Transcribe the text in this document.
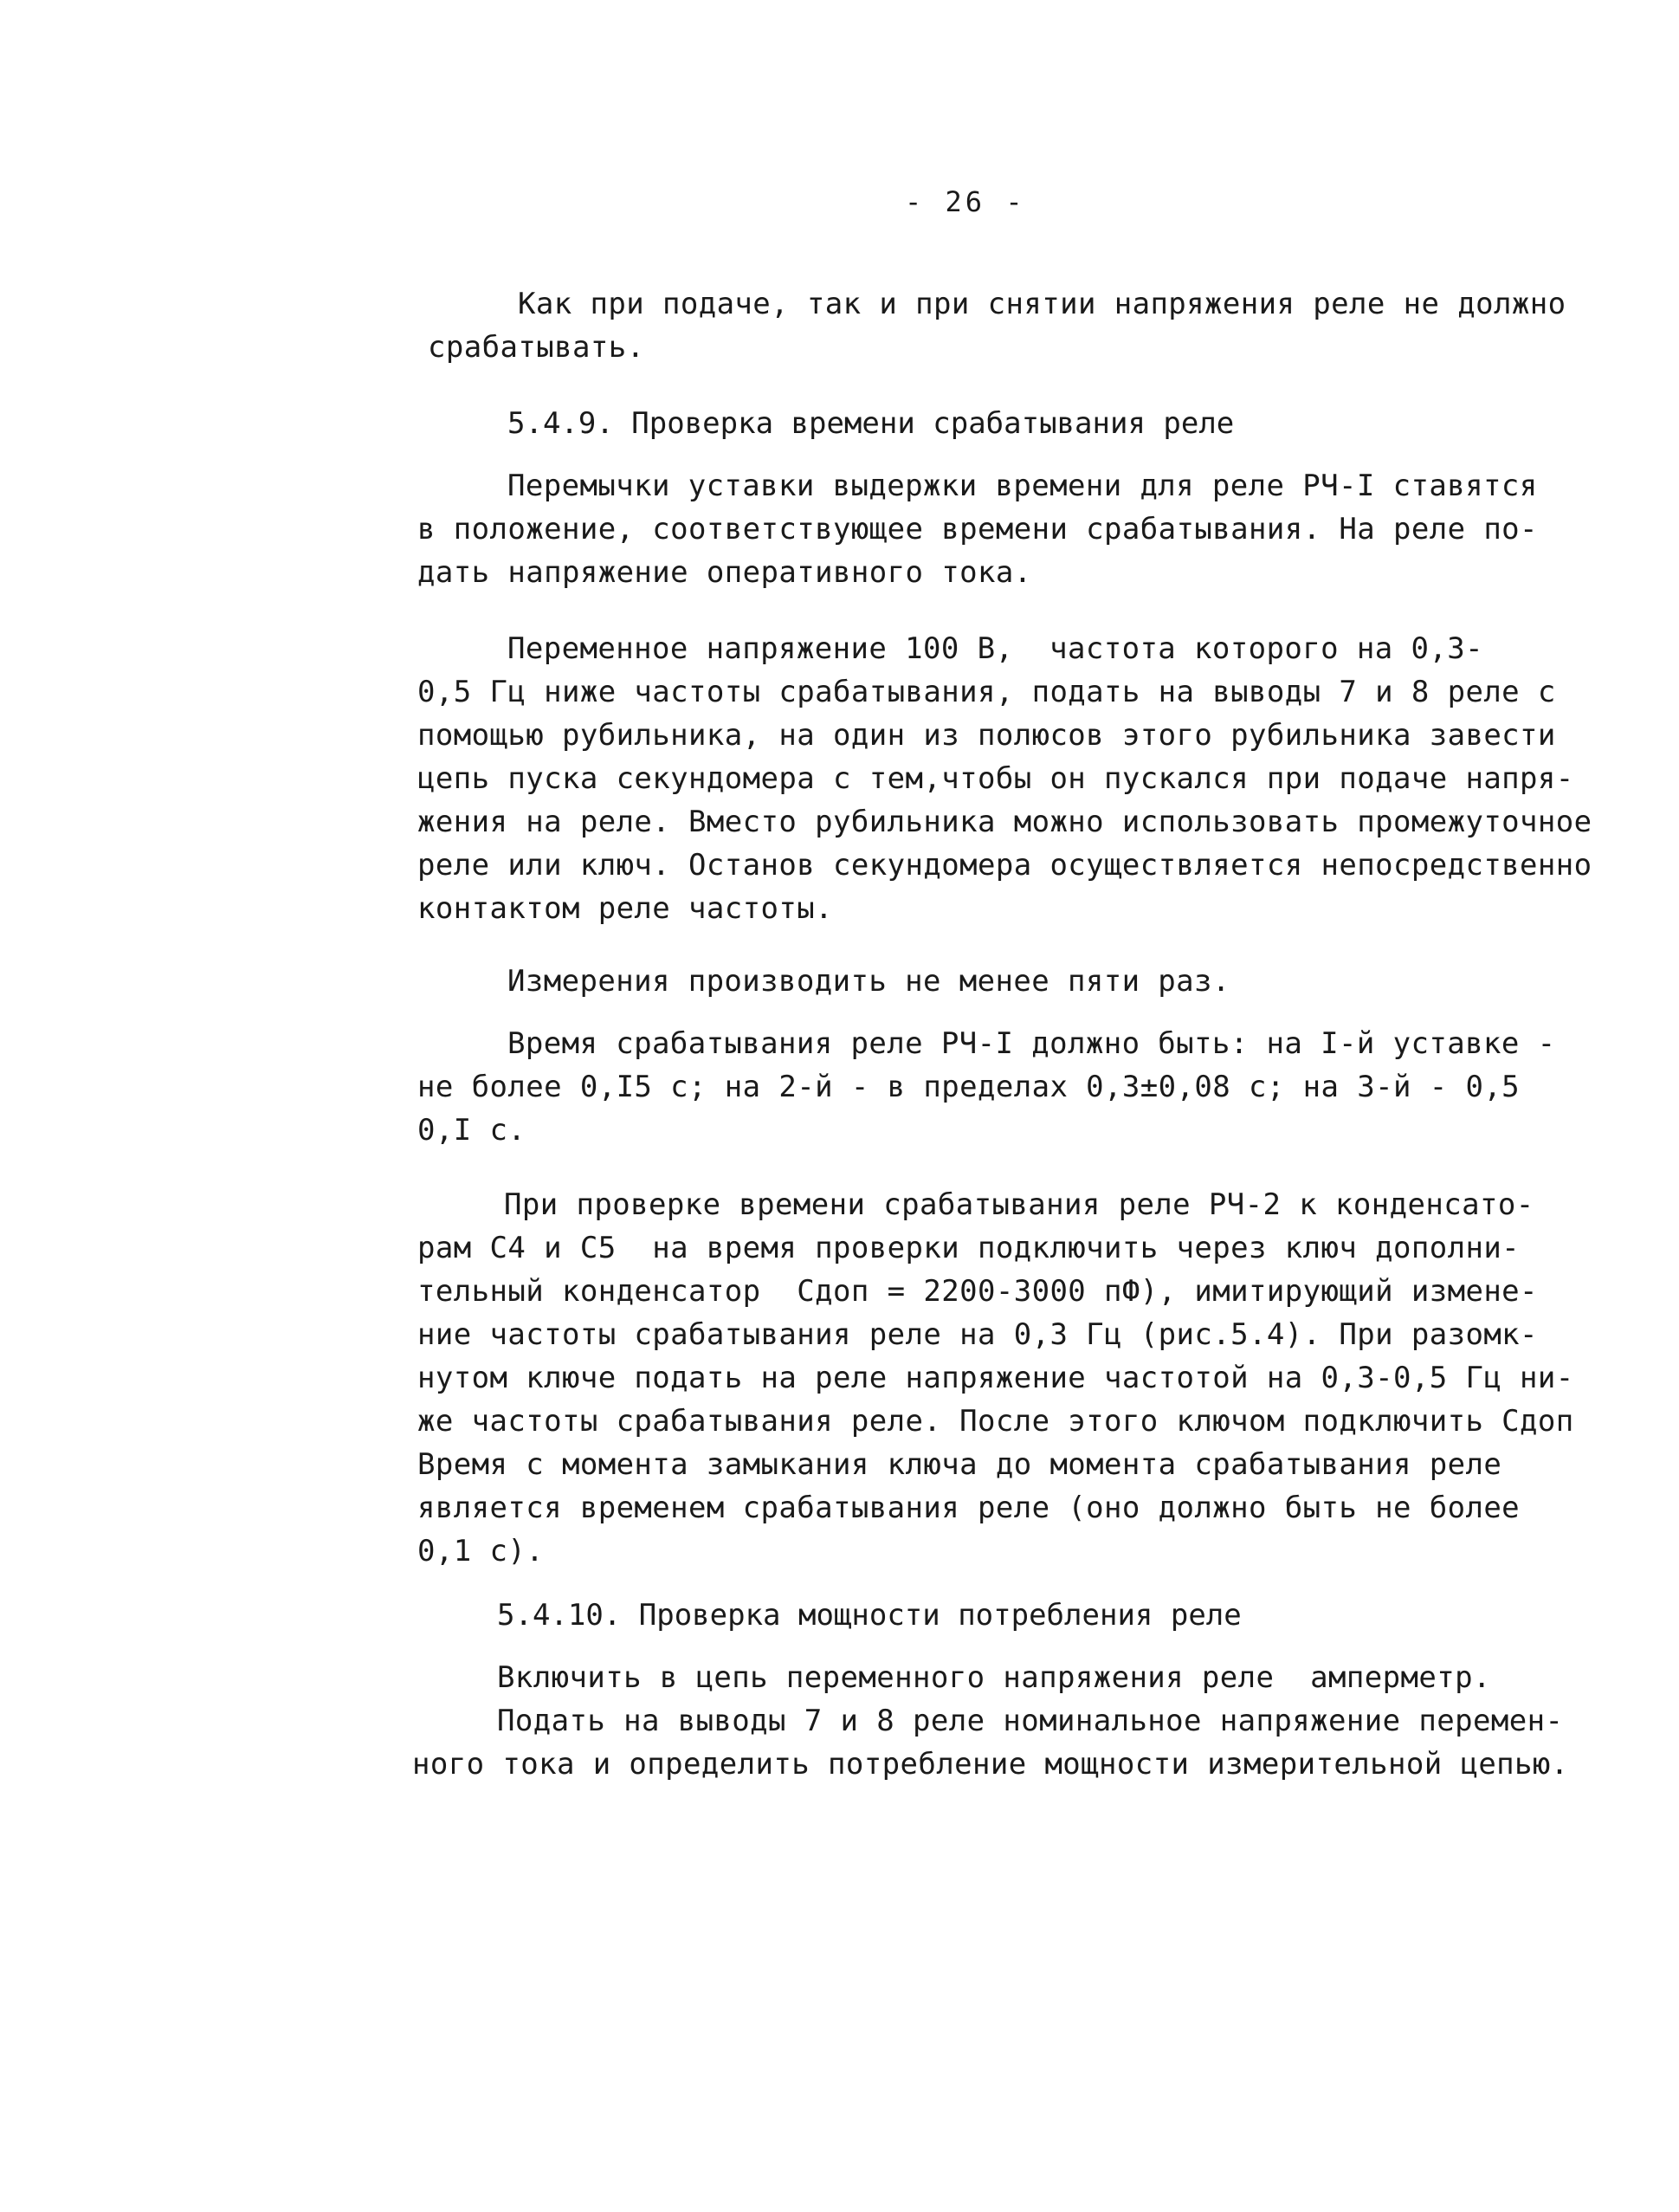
- 26 -
Как при подаче, так и при снятии напряжения реле не должно
срабатывать.
5.4.9. Проверка времени срабатывания реле
Перемычки уставки выдержки времени для реле РЧ-I ставятся
в положение, соответствующее времени срабатывания. На реле по-
дать напряжение оперативного тока.
Переменное напряжение 100 В,  частота которого на 0,3-
0,5 Гц ниже частоты срабатывания, подать на выводы 7 и 8 реле с
помощью рубильника, на один из полюсов этого рубильника завести
цепь пуска секундомера с тем,чтобы он пускался при подаче напря-
жения на реле. Вместо рубильника можно использовать промежуточное
реле или ключ. Останов секундомера осуществляется непосредственно
контактом реле частоты.
Измерения производить не менее пяти раз.
Время срабатывания реле РЧ-I должно быть: на I-й уставке -
не более 0,I5 с; на 2-й - в пределах 0,3±0,08 с; на 3-й - 0,5
0,I с.
При проверке времени срабатывания реле РЧ-2 к конденсато-
рам С4 и С5  на время проверки подключить через ключ дополни-
тельный конденсатор  Сдоп = 2200-3000 пФ), имитирующий измене-
ние частоты срабатывания реле на 0,3 Гц (рис.5.4). При разомк-
нутом ключе подать на реле напряжение частотой на 0,3-0,5 Гц ни-
же частоты срабатывания реле. После этого ключом подключить Сдоп
Время с момента замыкания ключа до момента срабатывания реле
является временем срабатывания реле (оно должно быть не более
0,1 с).
5.4.10. Проверка мощности потребления реле
Включить в цепь переменного напряжения реле  амперметр.
Подать на выводы 7 и 8 реле номинальное напряжение перемен-
ного тока и определить потребление мощности измерительной цепью.
